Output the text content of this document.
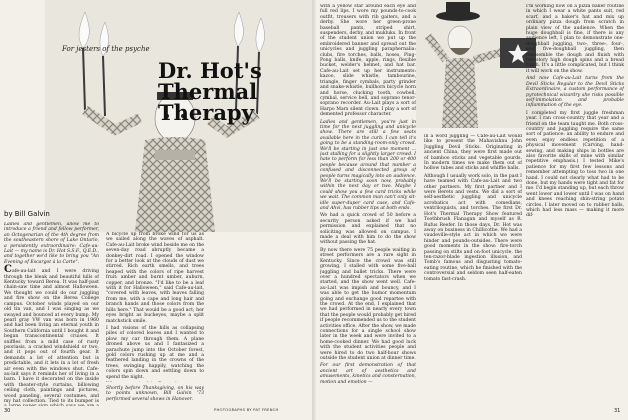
For jesters of the psyche
Dr. Hot's
Thermal Therapy
by Bill Galvin

Ladies and gentlemen, allow me to introduce a friend and fellow performer, an Octogenarian of the 4th degree from the southeastern shore of Lake Ontario, a persistently extraordinaire: Cafe-au-Lait — my name is Dr. Hot S.S.F., Q.E.D., and together we'd like to bring you "An Evening of Escargot à la Carte".

Cafe-au-lait and I were driving through the bleak and beautiful hills of Kentucky toward Berea. It was half-past chain-saw time and almost Halloween. We thought we could do our juggling and fire show on the Berea College campus. October winds played on our old tin van, and I was singing as we swayed and bounced at every bump. My pearl gray VW van was born in 1960 and had been living an eternal youth in Southern California until I bought it and began transcontinental cruises. It sniffles from a mild case of rusty psoriasis, a cracked windshield or two, and it pops out of fourth gear. It demands a lot of attention but is predictable, and it lets in a lot of fresh air even with the windows shut. Cafe-au-lait says it reminds her of living in a barn. I have it decorated on the inside with theater-style curtains, billowing ceiling cloth, paintings and pictures, wood paneling, several costumes, and my hat collection. Tied to its bumper is

A bicycle up from broke wind for us as we sailed along the waves of asphalt. Cafe-au-Lait broke wind beside me on the seven-day road abruptly became a donkey-dirt road. I opened the window for a better look at the clouds of dust we stirred. Rich earth smells, and trees heaped with the colors of ripe harvest fruit: amber and burnt umber, auburn, copper, and bronze. "I'd like to be a leaf with it for Halloween," said Cafe-au-lait, "covered with leaves, with leaves falling from me, with a cape and long hair and branch hands and those colors from the hills here." That would be a good act; her eyes bright as buckeyes, maybe a split matchstick smile.

I had visions of the hills as collapsing piles of colored leaves and I wanted to plow my car through them. A plane droned above us and I fantasized a parachute jump into the October forest, gold colors rushing up at me and a feathered landing in the crowns of the trees, swinging happily, watching the colors spin down and settling down to spend the night.

Shortly before Thanksgiving, on his way to points unknown, Bill Galvin '73 performed several shows in Hanover.
PHOTOGRAPHS BY PAT FRENCH
30

with a yellow star around each eye and full red lips. I wore my pounds-to-cook outfit, trousers with rib gaiters, and a derby. She wore her green-prone baseball pants, striped shirt, suspenders, derby, and mukluks. In front of the student union we put up the embroidered banner and spread out the unicycles and juggling paraphernalia: clubs, fire torches, balls, hoses, Ping-Pong balls, knife, apple, rings, flexible bucket, welder's helmet, and hat bar. Cafe-au-Lait set up her instruments: kazoo, slide whistle, tambourine, triangle, finger cymbals, party grinder and snake-whistle, bullhorn bicycle horn and horse, clucking tooth, cowbell, cymbal, service bell, and soprano tenor-soprano recorder. Au-Lait plays a sort of Harpo Marx silent clown. I play a sort of demented professor character.

Ladies and gentlemen, you're just in time for the next juggling and unicycle show. There are still a few seats available here in the curb. I can tell it's going to be a standing-room-only crowd. We'll be starting in just one moment ... just stalling for a slightly larger crowd. I hate to perform for less than 200 or 400 people because around that number a confused and disconnected group of people turns magically into an audience. We'll be starting soon now, probably within the next day or two. Maybe I could show you a few card tricks while we wait. The common man can't only sit-idle super-duper card case, and Cafe-and Ahvi, has rubber tips at both ends.

We had a quick crowd of 50 before a security person asked if we had permission and explained that no soliciting was allowed on campus. I made a deal with him to do the show without passing the hat.

By now there were 75 people waiting in street performers are a rare sight in Kentucky. Since the crowd was still growing, I stalled with some five-ball juggling and ballet tricks. There were over a hundred spectators when we started, and the show went well. Cafe-au-Lait was impish and bouncy, and I was able to get the humor momentum going and exchange good repartee with the crowd. At the end, I explained that we had performed in nearly every town that the people would probably get hired if people recommended us to the student activities office. After the show, we made connections for a single school show later in the week and were invited to a home-cooked dinner. We had good luck with the student activities people and were hired to do two half-hour shows outside the student union at dinner time.

For our first demonstration of that ancient art of aesthetics and amusements, kinetics and consternation, motion and emotion —

in a word juggling — Cafe-au-Lait would like to present the Mahavishnu John Juggling Devil Sticks. Originating in ancient China, they were first made out of bamboo sticks and vegetable gourds. In modern times we make them out of hollow tubes and sticks and whiffle balls.

Although I usually work solo, in the past I have teamed with Cafe-au-Lait and two other partners. My first partner and I were Berets and vests. We did a sort of self-aesthetic juggling and unicycle acrobatics act with comedians, ventriloquists, and torches. The first Dr. Hot's Thermal Therapy Show featured Toothbrush Flanagan and myself as R. Rufus Reefer. In those days, Dr. Hot was away on business in Chillicothe. We had a vaudeville-style act in which we were hinder and pounds-outsides. There were good moments in the show: fire-torch passing on stilts and on-foot unicycle, the ten-razor-blade ingestion illusion, and Tomb's famous and disgusting tomato-eating routine, which he finished with the controversial and seldom seen half-eaten tomato fast-crash.

I'm working now on a pizza baker routine in which I wear a white pants suit, red scarf, and a baker's hat and mix up ordinary pizza dough from scratch in plain view of the audience. When the huge doughball is fine, if there is any audience left, I plan to demonstrate one-doughball juggling, two-, three-, four-, and five-doughball juggling, then reassemble the dough and finish with two-story high dough spins and a bread catch. It's a little complicated, but I think it will work on the show.

And now Cafe-au-Lait turns from the Devil Sticks Regular to the Devil Sticks Extraordinaire, a custom performance of pyrotechnical wizardry she risks possible self-immolation and probable inflammation of the eye.

I completed my first juggle freshman year. I ran cross-country that year and a friend on the team taught me. Both cross-country and juggling require the same sort of patience: an ability to endure and even enjoy endless repetition of a physical movement (Carving, hand-sewing, and making ships in bottles are also favorite skills of mine with similar repetitive emphasis.) I tested Mike's patience for my first few lessons and remember attempting to toss two in one hand. I could not clearly what had to be done, but my hands were tight and fat for me. I'd begin standing up, but each throw went lower and lower until I was on hand and knees reaching shin-string potato circles. I later moved on to rubber balls, which had less mass — making it more dif-

31
